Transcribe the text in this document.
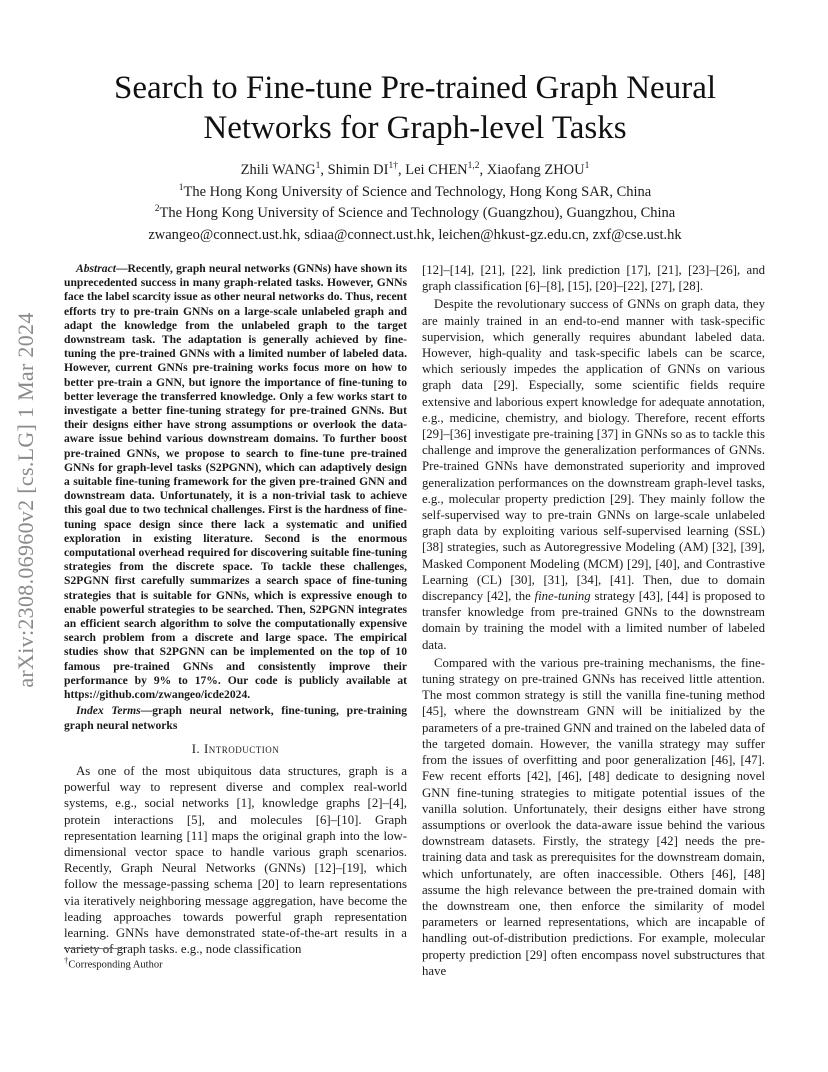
arXiv:2308.06960v2 [cs.LG] 1 Mar 2024
Search to Fine-tune Pre-trained Graph Neural
Networks for Graph-level Tasks
Zhili WANG$^1$, Shimin $DI^{1\dagger}$, Lei CHEN$^{1,2}$, Xiaofang ZHOU$^1$
$^1$The Hong Kong University of Science and Technology, Hong Kong SAR, China
$^2$The Hong Kong University of Science and Technology (Guangzhou), Guangzhou, China
zwangeo@connect.ust.hk, sdiaa@connect.ust.hk, leichen@hkust-gz.edu.cn, zxf@cse.ust.hk

Abstract—Recently, graph neural networks (GNNs) have shown its unprecedented success in many graph-related tasks. However, GNNs face the label scarcity issue as other neural networks do. Thus, recent efforts try to pre-train GNNs on a large-scale unlabeled graph and adapt the knowledge from the unlabeled graph to the target downstream task. The adaptation is generally achieved by fine-tuning the pre-trained GNNs with a limited number of labeled data. However, current GNNs pre-training works focus more on how to better pre-train a GNN, but ignore the importance of fine-tuning to better leverage the transferred knowledge. Only a few works start to investigate a better fine-tuning strategy for pre-trained GNNs. But their designs either have strong assumptions or overlook the data-aware issue behind various downstream domains. To further boost pre-trained GNNs, we propose to search to fine-tune pre-trained GNNs for graph-level tasks (S2PGNN), which can adaptively design a suitable fine-tuning framework for the given pre-trained GNN and downstream data. Unfortunately, it is a non-trivial task to achieve this goal due to two technical challenges. First is the hardness of fine-tuning space design since there lack a systematic and unified exploration in existing literature. Second is the enormous computational overhead required for discovering suitable fine-tuning strategies from the discrete space. To tackle these challenges, S2PGNN first carefully summarizes a search space of fine-tuning strategies that is suitable for GNNs, which is expressive enough to enable powerful strategies to be searched. Then, S2PGNN integrates an efficient search algorithm to solve the computationally expensive search problem from a discrete and large space. The empirical studies show that S2PGNN can be implemented on the top of 10 famous pre-trained GNNs and consistently improve their performance by 9% to 17%. Our code is publicly available at https://github.com/zwangeo/icde2024.

Index Terms—graph neural network, fine-tuning, pre-training graph neural networks

I. Introduction

As one of the most ubiquitous data structures, graph is a powerful way to represent diverse and complex real-world systems, e.g., social networks [1], knowledge graphs [2]–[4], protein interactions [5], and molecules [6]–[10]. Graph representation learning [11] maps the original graph into the low-dimensional vector space to handle various graph scenarios. Recently, Graph Neural Networks (GNNs) [12]–[19], which follow the message-passing schema [20] to learn representations via iteratively neighboring message aggregation, have become the leading approaches towards powerful graph representation learning. GNNs have demonstrated state-of-the-art results in a variety of graph tasks. e.g., node classification

†Corresponding Author

[12]–[14], [21], [22], link prediction [17], [21], [23]–[26], and graph classification [6]–[8], [15], [20]–[22], [27], [28].

Despite the revolutionary success of GNNs on graph data, they are mainly trained in an end-to-end manner with task-specific supervision, which generally requires abundant labeled data. However, high-quality and task-specific labels can be scarce, which seriously impedes the application of GNNs on various graph data [29]. Especially, some scientific fields require extensive and laborious expert knowledge for adequate annotation, e.g., medicine, chemistry, and biology. Therefore, recent efforts [29]–[36] investigate pre-training [37] in GNNs so as to tackle this challenge and improve the generalization performances of GNNs. Pre-trained GNNs have demonstrated superiority and improved generalization performances on the downstream graph-level tasks, e.g., molecular property prediction [29]. They mainly follow the self-supervised way to pre-train GNNs on large-scale unlabeled graph data by exploiting various self-supervised learning (SSL) [38] strategies, such as Autoregressive Modeling (AM) [32], [39], Masked Component Modeling (MCM) [29], [40], and Contrastive Learning (CL) [30], [31], [34], [41]. Then, due to domain discrepancy [42], the fine-tuning strategy [43], [44] is proposed to transfer knowledge from pre-trained GNNs to the downstream domain by training the model with a limited number of labeled data.

Compared with the various pre-training mechanisms, the fine-tuning strategy on pre-trained GNNs has received little attention. The most common strategy is still the vanilla fine-tuning method [45], where the downstream GNN will be initialized by the parameters of a pre-trained GNN and trained on the labeled data of the targeted domain. However, the vanilla strategy may suffer from the issues of overfitting and poor generalization [46], [47]. Few recent efforts [42], [46], [48] dedicate to designing novel GNN fine-tuning strategies to mitigate potential issues of the vanilla solution. Unfortunately, their designs either have strong assumptions or overlook the data-aware issue behind the various downstream datasets. Firstly, the strategy [42] needs the pre-training data and task as prerequisites for the downstream domain, which unfortunately, are often inaccessible. Others [46], [48] assume the high relevance between the pre-trained domain with the downstream one, then enforce the similarity of model parameters or learned representations, which are incapable of handling out-of-distribution predictions. For example, molecular property prediction [29] often encompass novel substructures that have
